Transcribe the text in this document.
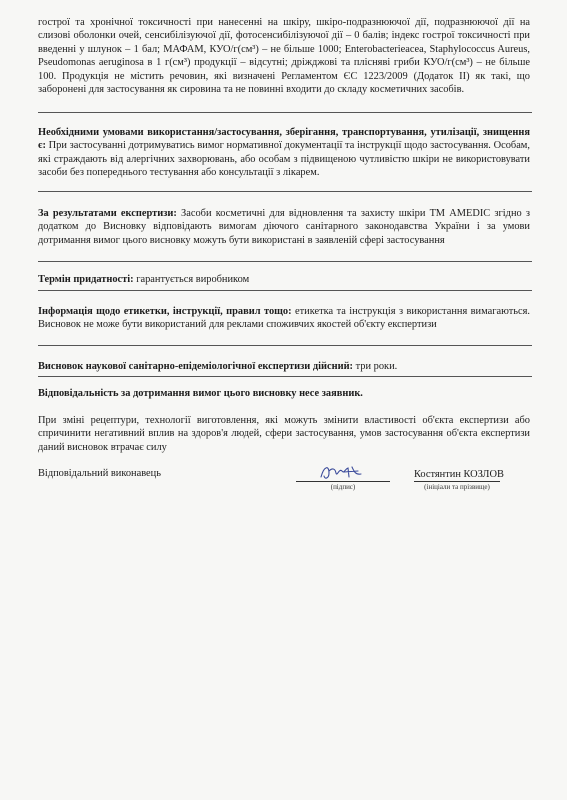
гострої та хронічної токсичності при нанесенні на шкіру, шкіро-подразнюючої дії, подразнюючої дії на слизові оболонки очей, сенсибілізуючої дії, фотосенсибілізуючої дії – 0 балів; індекс гострої токсичності при введенні у шлунок – 1 бал; МАФАМ, КУО/г(см³) – не більше 1000; Enterobacterieacea, Staphylococcus Aureus, Pseudomonas aeruginosa в 1 г(см³) продукції – відсутні; дріжджові та плісняві гриби КУО/г(см³) – не більше 100. Продукція не містить речовин, які визначені Регламентом ЄС 1223/2009 (Додаток ІІ) як такі, що заборонені для застосування як сировина та не повинні входити до складу косметичних засобів.
Необхідними умовами використання/застосування, зберігання, транспортування, утилізації, знищення є: При застосуванні дотримуватись вимог нормативної документації та інструкції щодо застосування. Особам, які страждають від алергічних захворювань, або особам з підвищеною чутливістю шкіри не використовувати засоби без попереднього тестування або консультації з лікарем.
За результатами експертизи: Засоби косметичні для відновлення та захисту шкіри ТМ AMEDIC згідно з додатком до Висновку відповідають вимогам діючого санітарного законодавства України і за умови дотримання вимог цього висновку можуть бути використані в заявленій сфері застосування
Термін придатності: гарантується виробником
Інформація щодо етикетки, інструкції, правил тощо: етикетка та інструкція з використання вимагаються. Висновок не може бути використаний для реклами споживчих якостей об'єкту експертизи
Висновок наукової санітарно-епідеміологічної експертизи дійсний: три роки.
Відповідальність за дотримання вимог цього висновку несе заявник.
При зміні рецептури, технології виготовлення, які можуть змінити властивості об'єкта експертизи або спричинити негативний вплив на здоров'я людей, сфери застосування, умов застосування об'єкта експертизи даний висновок втрачає силу
Відповідальний виконавець
(підпис)
Костянтин КОЗЛОВ
(ініціали та прізвище)
